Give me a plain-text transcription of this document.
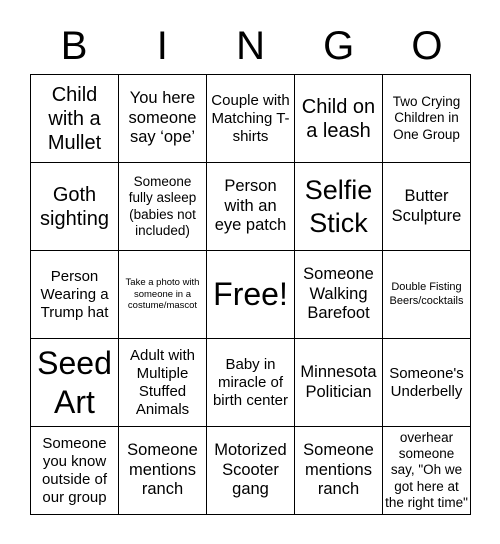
B	I	N	G	O
Child with a Mullet	You here someone say ‘ope’	Couple with Matching T-shirts	Child on a leash	Two Crying Children in One Group
Goth sighting	Someone fully asleep (babies not included)	Person with an eye patch	Selfie Stick	Butter Sculpture
Person Wearing a Trump hat	Take a photo with someone in a costume/mascot	Free!	Someone Walking Barefoot	Double Fisting Beers/cocktails
Seed Art	Adult with Multiple Stuffed Animals	Baby in miracle of birth center	Minnesota Politician	Someone's Underbelly
Someone you know outside of our group	Someone mentions ranch	Motorized Scooter gang	Someone mentions ranch	overhear someone say, "Oh we got here at the right time"
